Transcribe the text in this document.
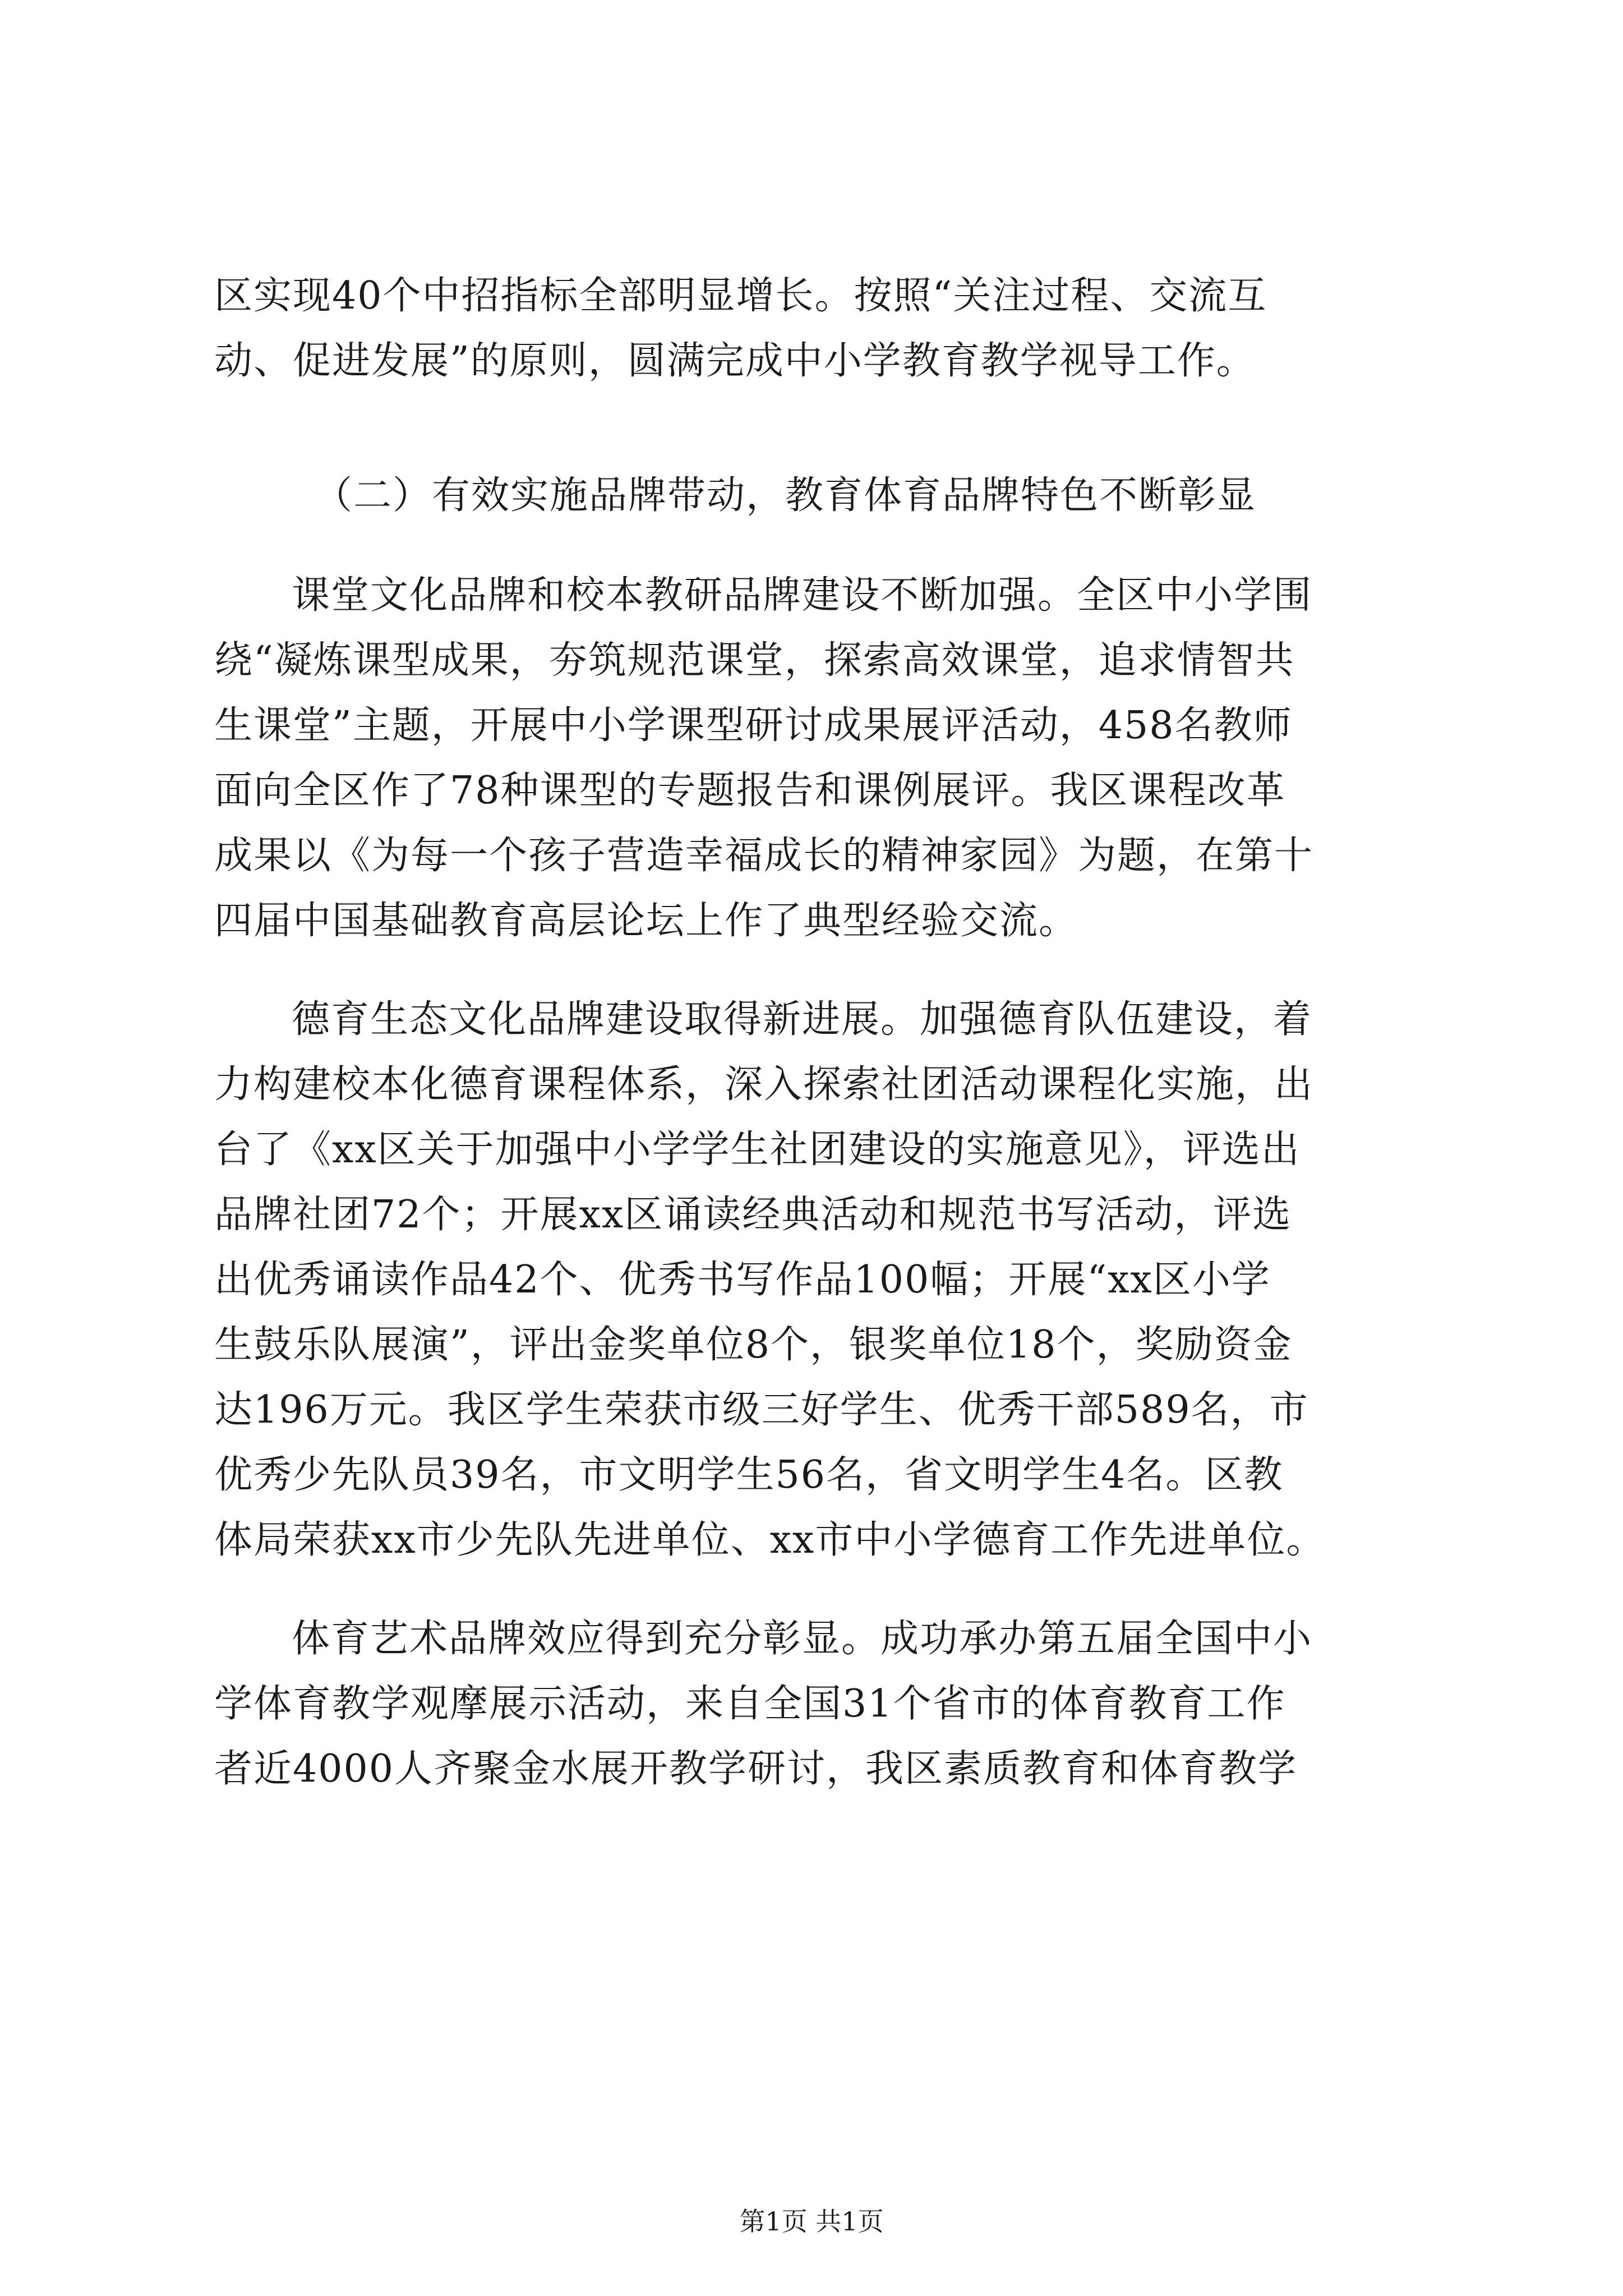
区实现40个中招指标全部明显增长。按照“关注过程、交流互
动、促进发展”的原则，圆满完成中小学教育教学视导工作。
（二）有效实施品牌带动，教育体育品牌特色不断彰显
课堂文化品牌和校本教研品牌建设不断加强。全区中小学围
绕“凝炼课型成果，夯筑规范课堂，探索高效课堂，追求情智共
生课堂”主题，开展中小学课型研讨成果展评活动，458名教师
面向全区作了78种课型的专题报告和课例展评。我区课程改革
成果以《为每一个孩子营造幸福成长的精神家园》为题，在第十
四届中国基础教育高层论坛上作了典型经验交流。
德育生态文化品牌建设取得新进展。加强德育队伍建设，着
力构建校本化德育课程体系，深入探索社团活动课程化实施，出
台了《xx区关于加强中小学学生社团建设的实施意见》，评选出
品牌社团72个；开展xx区诵读经典活动和规范书写活动，评选
出优秀诵读作品42个、优秀书写作品100幅；开展“xx区小学
生鼓乐队展演”，评出金奖单位8个，银奖单位18个，奖励资金
达196万元。我区学生荣获市级三好学生、优秀干部589名，市
优秀少先队员39名，市文明学生56名，省文明学生4名。区教
体局荣获xx市少先队先进单位、xx市中小学德育工作先进单位。
体育艺术品牌效应得到充分彰显。成功承办第五届全国中小
学体育教学观摩展示活动，来自全国31个省市的体育教育工作
者近4000人齐聚金水展开教学研讨，我区素质教育和体育教学
第1页 共1页
